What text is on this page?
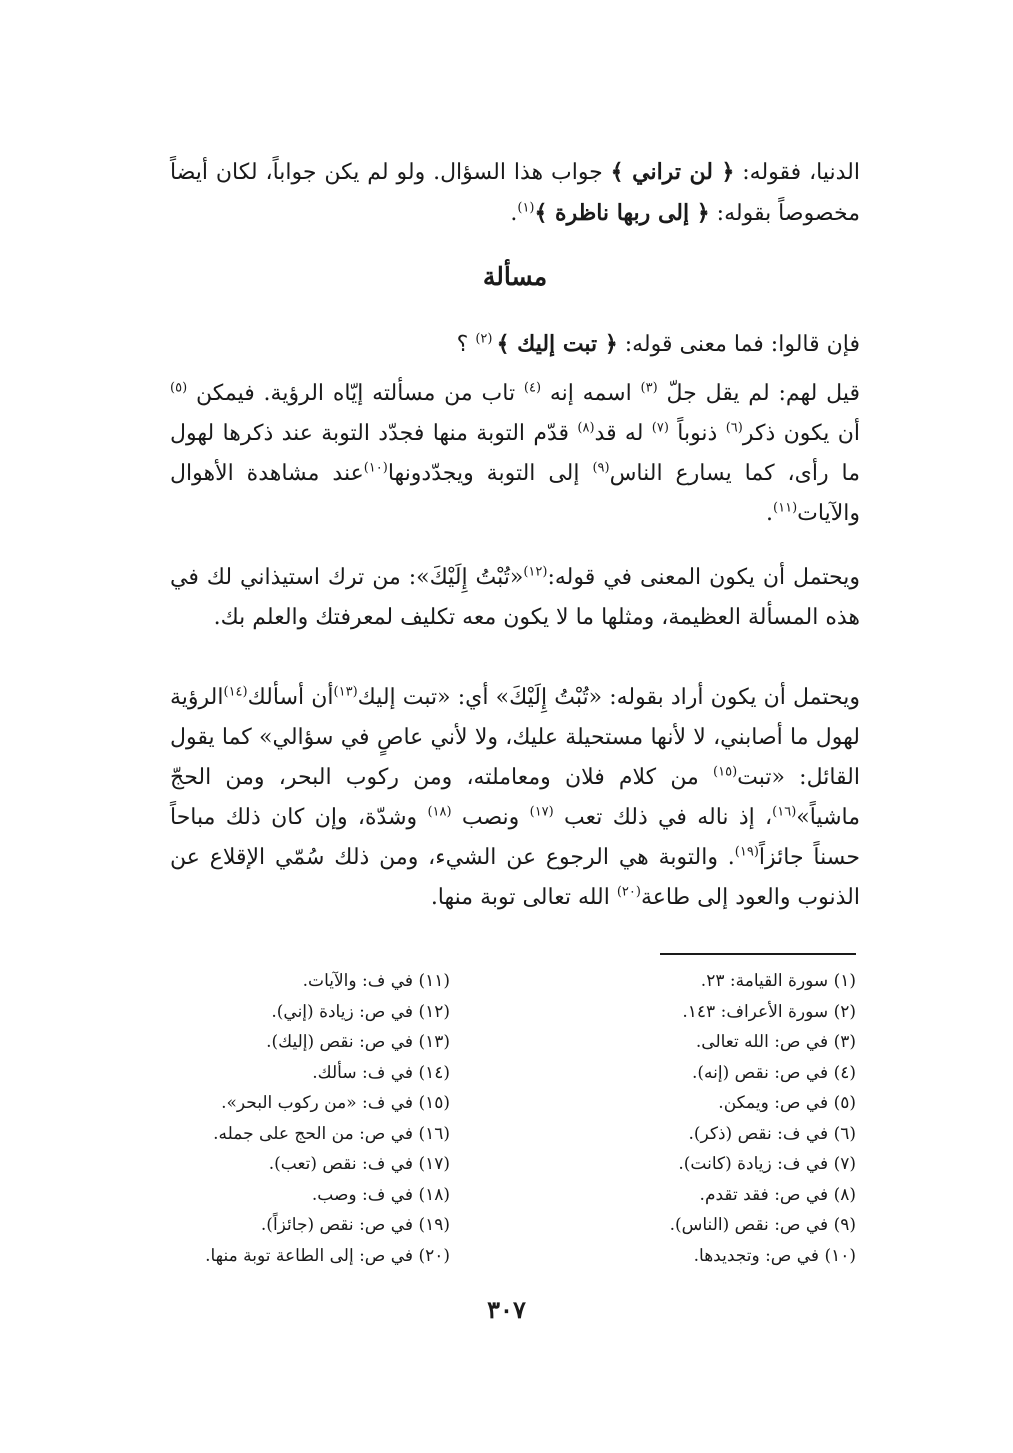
الدنيا، فقوله: ﴿ لن تراني ﴾ جواب هذا السؤال. ولو لم يكن جواباً، لكان أيضاً مخصوصاً بقوله: ﴿ إلى ربها ناظرة ﴾$^{(١)}$.

مسألة

فإن قالوا: فما معنى قوله: ﴿ تبت إليك ﴾ $^{(٢)}$ ؟

قيل لهم: لم يقل جلّ $^{(٣)}$ اسمه إنه $^{(٤)}$ تاب من مسألته إيّاه الرؤية. فيمكن $^{(٥)}$ أن يكون ذكر$^{(٦)}$ ذنوباً $^{(٧)}$ له قد$^{(٨)}$ قدّم التوبة منها فجدّد التوبة عند ذكرها لهول ما رأى، كما يسارع الناس$^{(٩)}$ إلى التوبة ويجدّدونها$^{(١٠)}$عند مشاهدة الأهوال والآيات$^{(١١)}$.

ويحتمل أن يكون المعنى في قوله:$^{(١٢)}$«تُبْتُ إِلَيْكَ»: من ترك استيذاني لك في هذه المسألة العظيمة، ومثلها ما لا يكون معه تكليف لمعرفتك والعلم بك.

ويحتمل أن يكون أراد بقوله: «تُبْتُ إِلَيْكَ» أي: «تبت إليك$^{(١٣)}$أن أسألك$^{(١٤)}$الرؤية لهول ما أصابني، لا لأنها مستحيلة عليك، ولا لأني عاصٍ في سؤالي» كما يقول القائل: «تبت$^{(١٥)}$ من كلام فلان ومعاملته، ومن ركوب البحر، ومن الحجّ ماشياً»$^{(١٦)}$، إذ ناله في ذلك تعب $^{(١٧)}$ ونصب $^{(١٨)}$ وشدّة، وإن كان ذلك مباحاً حسناً جائزاً$^{(١٩)}$. والتوبة هي الرجوع عن الشيء، ومن ذلك سُمّي الإقلاع عن الذنوب والعود إلى طاعة$^{(٢٠)}$ الله تعالى توبة منها.

(١) سورة القيامة: ٢٣.
(٢) سورة الأعراف: ١٤٣.
(٣) في ص: الله تعالى.
(٤) في ص: نقص (إنه).
(٥) في ص: ويمكن.
(٦) في ف: نقص (ذكر).
(٧) في ف: زيادة (كانت).
(٨) في ص: فقد تقدم.
(٩) في ص: نقص (الناس).
(١٠) في ص: وتجديدها.
(١١) في ف: والآيات.
(١٢) في ص: زيادة (إني).
(١٣) في ص: نقص (إليك).
(١٤) في ف: سألك.
(١٥) في ف: «من ركوب البحر».
(١٦) في ص: من الحج على جمله.
(١٧) في ف: نقص (تعب).
(١٨) في ف: وصب.
(١٩) في ص: نقص (جائزاً).
(٢٠) في ص: إلى الطاعة توبة منها.
٣٠٧
